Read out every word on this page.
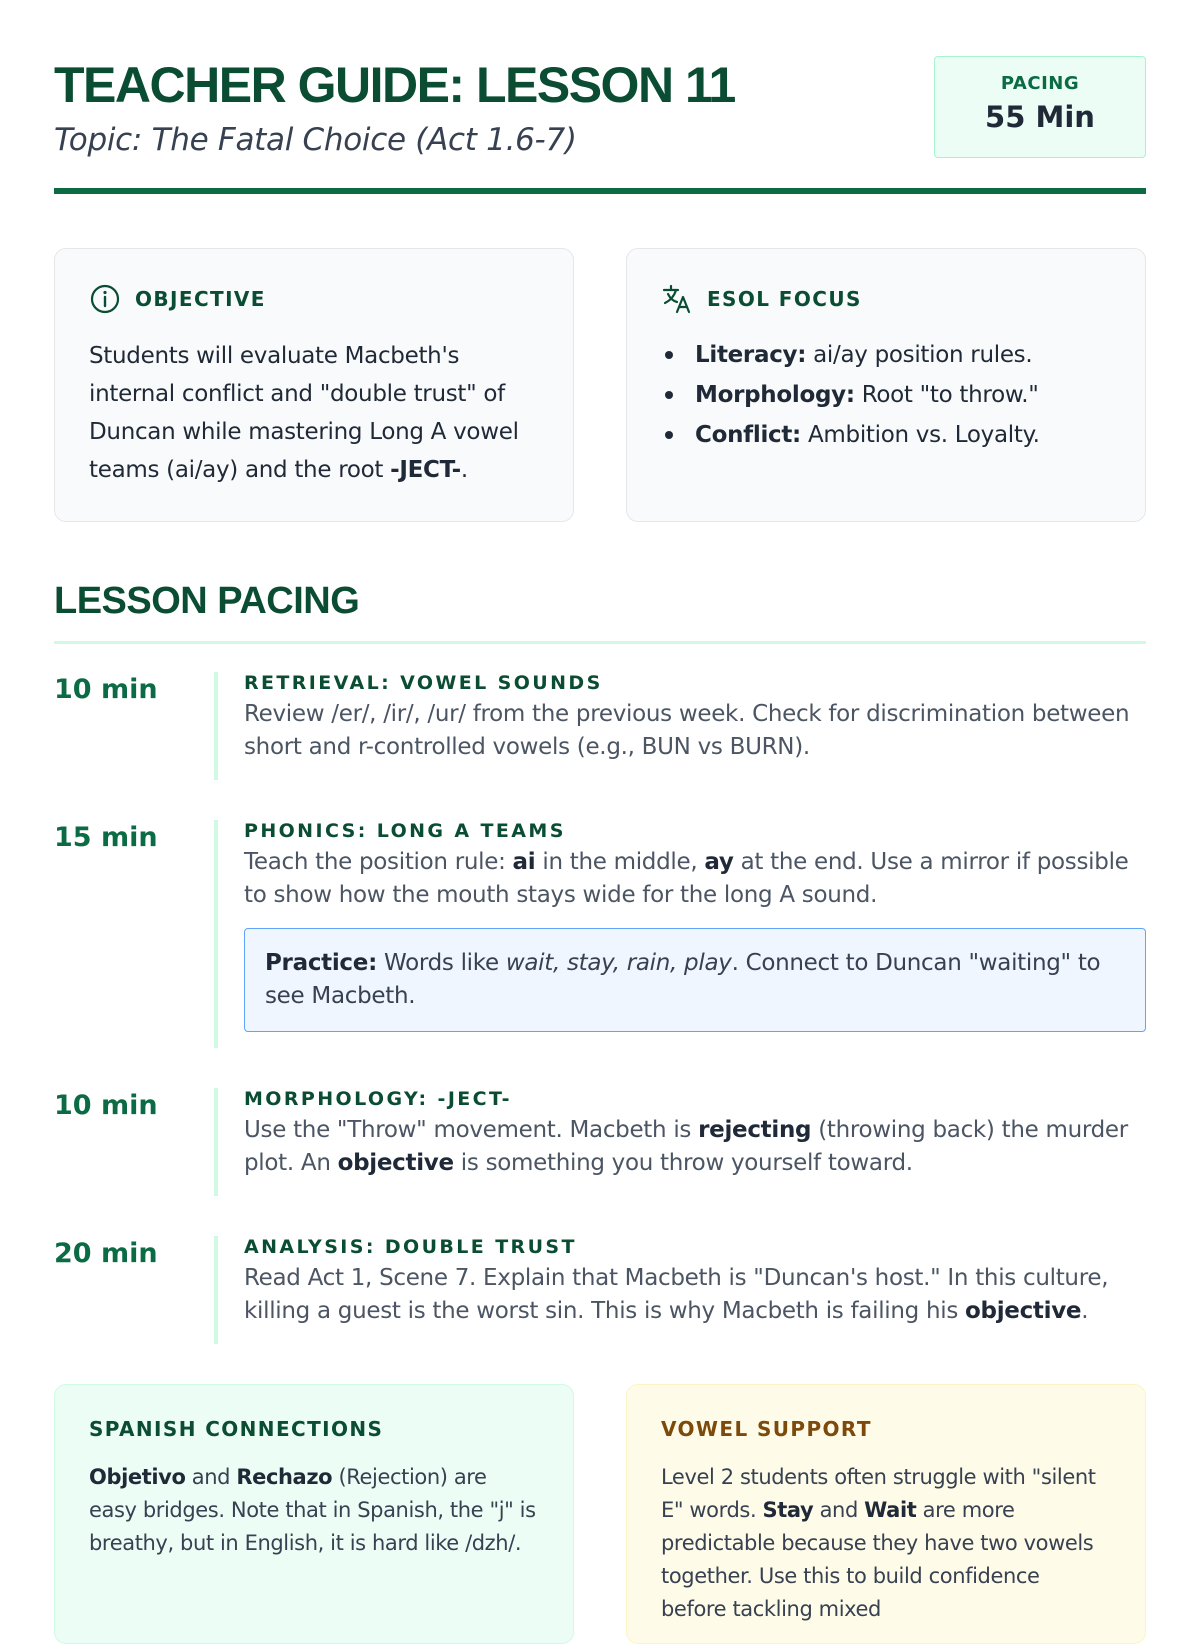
TEACHER GUIDE: LESSON 11
Topic: The Fatal Choice (Act 1.6-7)
PACING
55 Min
OBJECTIVE
Students will evaluate Macbeth's internal conflict and "double trust" of Duncan while mastering Long A vowel teams (ai/ay) and the root -JECT-.
ESOL FOCUS
Literacy: ai/ay position rules.
Morphology: Root "to throw."
Conflict: Ambition vs. Loyalty.
LESSON PACING
10 min	RETRIEVAL: VOWEL SOUNDS
Review /er/, /ir/, /ur/ from the previous week. Check for discrimination between short and r-controlled vowels (e.g., BUN vs BURN).
15 min	PHONICS: LONG A TEAMS
Teach the position rule: ai in the middle, ay at the end. Use a mirror if possible to show how the mouth stays wide for the long A sound.
Practice: Words like wait, stay, rain, play. Connect to Duncan "waiting" to see Macbeth.
10 min	MORPHOLOGY: -JECT-
Use the "Throw" movement. Macbeth is rejecting (throwing back) the murder plot. An objective is something you throw yourself toward.
20 min	ANALYSIS: DOUBLE TRUST
Read Act 1, Scene 7. Explain that Macbeth is "Duncan's host." In this culture, killing a guest is the worst sin. This is why Macbeth is failing his objective.
SPANISH CONNECTIONS
Objetivo and Rechazo (Rejection) are easy bridges. Note that in Spanish, the "j" is breathy, but in English, it is hard like /dzh/.
VOWEL SUPPORT
Level 2 students often struggle with "silent E" words. Stay and Wait are more predictable because they have two vowels together. Use this to build confidence before tackling mixed
